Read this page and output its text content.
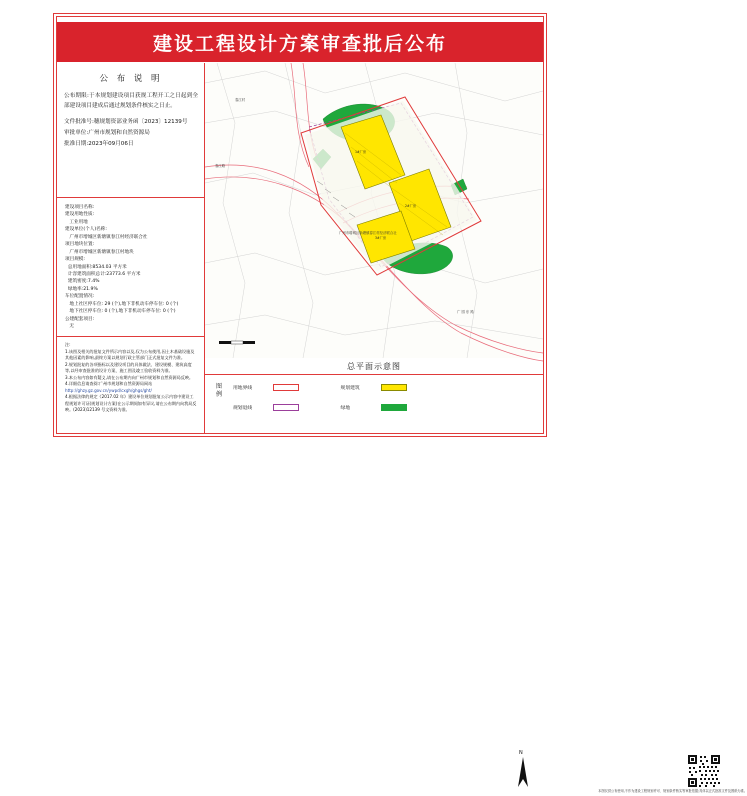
建设工程设计方案审查批后公布
公 布 说 明
公布期限:于本规划建设项目获规工程开工之日起到全部建设项目建成后通过规划条件核实之日止。
文件批准号:穗规划资部业务函〔2023〕12139号
审批单位:广州市规划和自然资源局
批准日期:2023年09月06日
建设项目名称:
建设用地性质:
工业用地
建设单位(个人)名称:
广州市增城区新塘镇春江村经济联合社
项目地块位置:
广州市增城区新塘镇春江村地块
项目规模:
总用地面积:8534.03 平方米
计容建筑面积总计:23773.6 平方米
建筑密度:7.4%
绿地率:21.9%
车位配置情况:
地上社区停车位: 29 (个),地下非机动车停车位: 0 (个)
地下社区停车位: 0 (个),地下非机动车停车位: 0 (个)
公建配套项目:
无
注:
1.该图及相关的批复文件所示内容以及,仅为公布使用,因土木基础设施及其他因素的影响,最终方案以规划行政主管部门正式批复文件为准。
2.规划批复的各项指标以及建设项目的具体做法、建设规模、建筑高度等,以经审查批准的设计方案、施工图及竣工验收资料为准。
3.本公布内容如有疑义,请在公布期内向广州市规划和自然资源局反映。
4.详细信息请查阅:广州市规划和自然资源局网站
http://ghzy.gz.gov.cn/ywpd/cxgh/ghgs/ght/
4.根据法律的规定《2017.02 年》建设单位规划批复公示内容中建设工程规划许可证(规划设计方案)在公示期间如有异议,请在公布期内向我局反映。(2023)12139 号文资料为准。
春江村
春江路
广 园 东 路
广州市增城区新塘镇春江村经济联合社
1#厂房
2#厂房
3#厂房
总平面示意图
图
例
用地界线	规划建筑
规划退线	绿地
N
本图仅供公布使用,不作为建设工程规划许可、规划条件核实等审批依据;具体以正式批准文件及图纸为准。
